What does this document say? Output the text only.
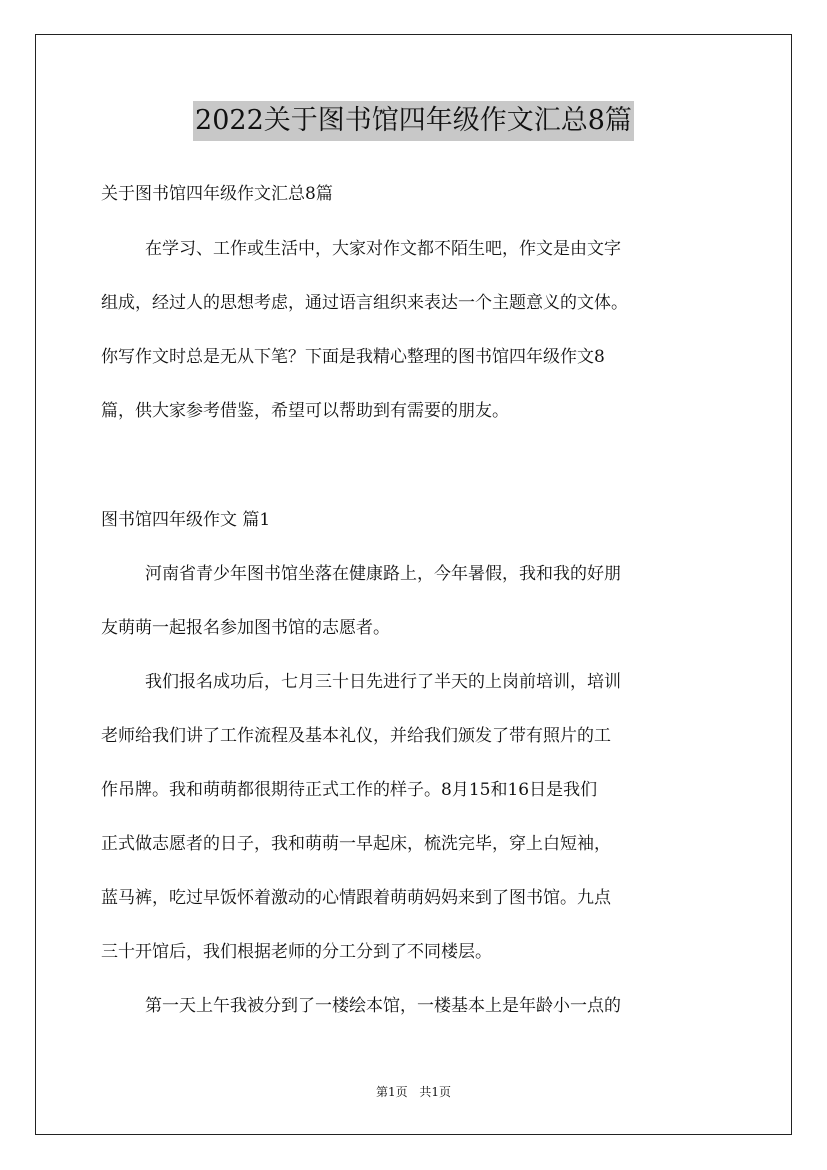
2022关于图书馆四年级作文汇总8篇

关于图书馆四年级作文汇总8篇

在学习、工作或生活中，大家对作文都不陌生吧，作文是由文字

组成，经过人的思想考虑，通过语言组织来表达一个主题意义的文体。

你写作文时总是无从下笔？下面是我精心整理的图书馆四年级作文8

篇，供大家参考借鉴，希望可以帮助到有需要的朋友。

图书馆四年级作文 篇1

河南省青少年图书馆坐落在健康路上，今年暑假，我和我的好朋

友萌萌一起报名参加图书馆的志愿者。

我们报名成功后，七月三十日先进行了半天的上岗前培训，培训

老师给我们讲了工作流程及基本礼仪，并给我们颁发了带有照片的工

作吊牌。我和萌萌都很期待正式工作的样子。8月15和16日是我们

正式做志愿者的日子，我和萌萌一早起床，梳洗完毕，穿上白短袖，

蓝马裤，吃过早饭怀着激动的心情跟着萌萌妈妈来到了图书馆。九点

三十开馆后，我们根据老师的分工分到了不同楼层。

第一天上午我被分到了一楼绘本馆，一楼基本上是年龄小一点的

第1页 共1页
